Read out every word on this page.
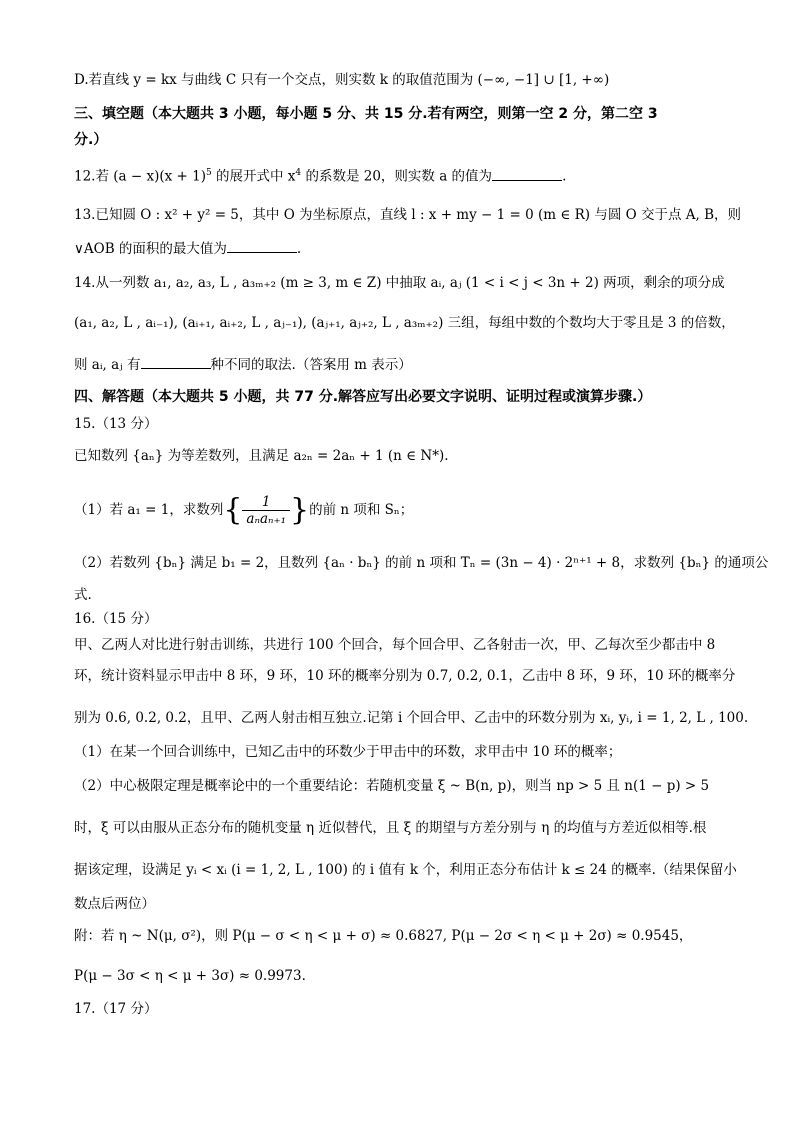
D.若直线 y = kx 与曲线 C 只有一个交点，则实数 k 的取值范围为 (−∞, −1] ∪ [1, +∞)
三、填空题（本大题共 3 小题，每小题 5 分、共 15 分.若有两空，则第一空 2 分，第二空 3
分.）
12.若 $(a - x)(x + 1)^5$ 的展开式中 $x^4$ 的系数是 20，则实数 a 的值为	.
13.已知圆 O : x² + y² = 5，其中 O 为坐标原点，直线 l : x + my − 1 = 0 (m ∈ R) 与圆 O 交于点 A, B，则
∨AOB 的面积的最大值为	.
14.从一列数 a₁, a₂, a₃, L , a₃ₘ₊₂ (m ≥ 3, m ∈ Z) 中抽取 aᵢ, aⱼ (1 < i < j < 3n + 2) 两项，剩余的项分成
(a₁, a₂, L , aᵢ₋₁), (aᵢ₊₁, aᵢ₊₂, L , aⱼ₋₁), (aⱼ₊₁, aⱼ₊₂, L , a₃ₘ₊₂) 三组，每组中数的个数均大于零且是 3 的倍数，
则 aᵢ, aⱼ 有	种不同的取法.（答案用 m 表示）
四、解答题（本大题共 5 小题，共 77 分.解答应写出必要文字说明、证明过程或演算步骤.）
15.（13 分）
已知数列 {aₙ} 为等差数列，且满足 a₂ₙ = 2aₙ + 1 (n ∈ N*).
（1）若 a₁ = 1，求数列{ $\frac{1}{\text{aₙaₙ₊₁}}$ }的前 n 项和 Sₙ；
（2）若数列 {bₙ} 满足 b₁ = 2，且数列 {aₙ · bₙ} 的前 n 项和 Tₙ = (3n − 4) · 2ⁿ⁺¹ + 8，求数列 {bₙ} 的通项公
式.
16.（15 分）
甲、乙两人对比进行射击训练，共进行 100 个回合，每个回合甲、乙各射击一次，甲、乙每次至少都击中 8
环，统计资料显示甲击中 8 环，9 环，10 环的概率分别为 0.7, 0.2, 0.1，乙击中 8 环，9 环，10 环的概率分
别为 0.6, 0.2, 0.2，且甲、乙两人射击相互独立.记第 i 个回合甲、乙击中的环数分别为 xᵢ, yᵢ, i = 1, 2, L , 100.
（1）在某一个回合训练中，已知乙击中的环数少于甲击中的环数，求甲击中 10 环的概率；
（2）中心极限定理是概率论中的一个重要结论：若随机变量 ξ ~ B(n, p)，则当 np > 5 且 n(1 − p) > 5
时，ξ 可以由服从正态分布的随机变量 η 近似替代，且 ξ 的期望与方差分别与 η 的均值与方差近似相等.根
据该定理，设满足 yᵢ < xᵢ (i = 1, 2, L , 100) 的 i 值有 k 个，利用正态分布估计 k ≤ 24 的概率.（结果保留小
数点后两位）
附：若 η ~ N(μ, σ²)，则 P(μ − σ < η < μ + σ) ≈ 0.6827, P(μ − 2σ < η < μ + 2σ) ≈ 0.9545，
P(μ − 3σ < η < μ + 3σ) ≈ 0.9973.
17.（17 分）
